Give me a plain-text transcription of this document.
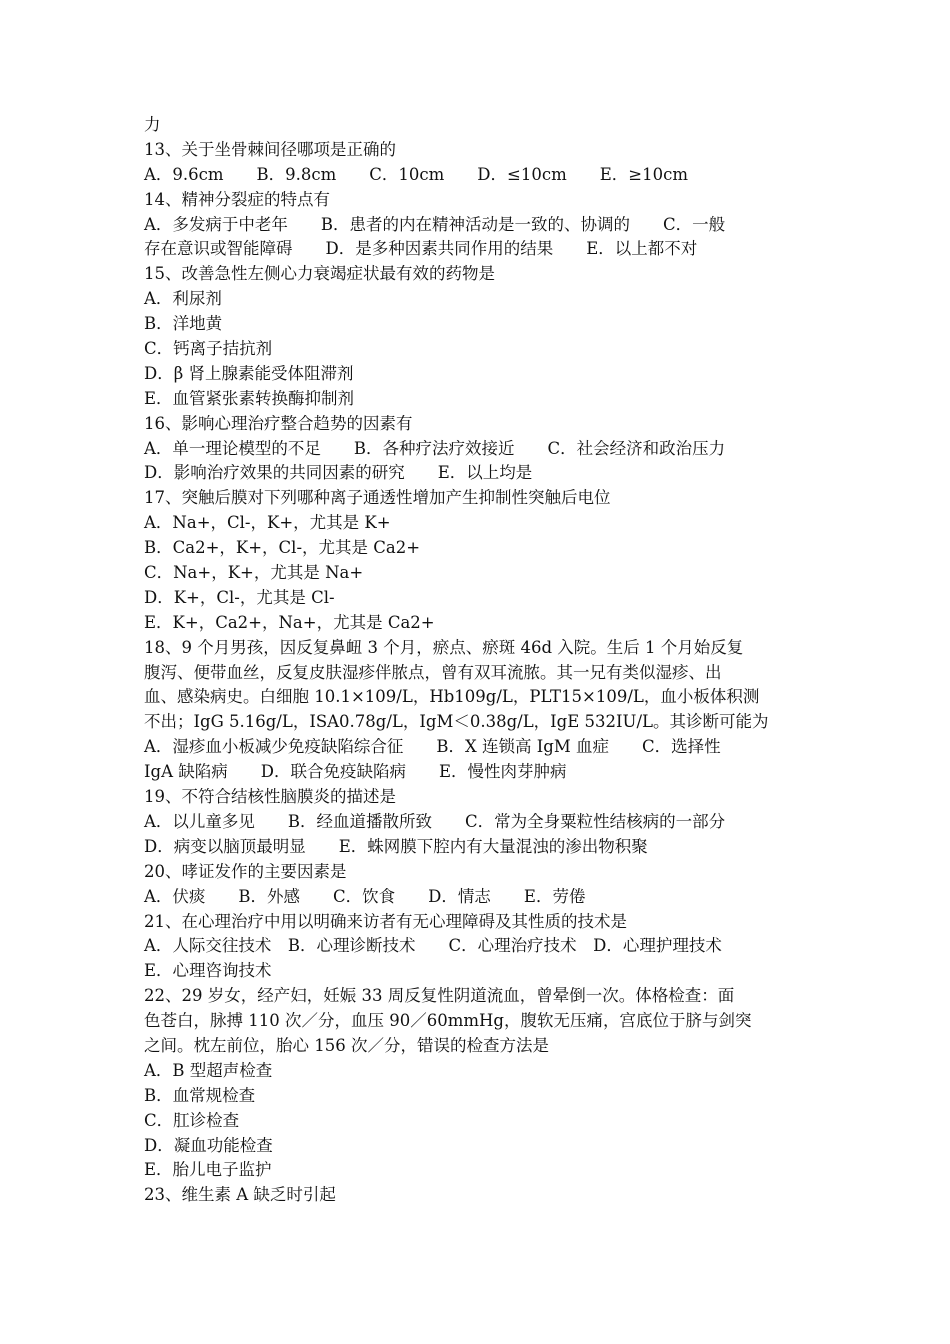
力
13、关于坐骨棘间径哪项是正确的
A．9.6cm　　B．9.8cm　　C．10cm　　D．≤10cm　　E．≥10cm
14、精神分裂症的特点有
A．多发病于中老年　　B．患者的内在精神活动是一致的、协调的　　C．一般
存在意识或智能障碍　　D．是多种因素共同作用的结果　　E．以上都不对
15、改善急性左侧心力衰竭症状最有效的药物是
A．利尿剂
B．洋地黄
C．钙离子拮抗剂
D．β 肾上腺素能受体阻滞剂
E．血管紧张素转换酶抑制剂
16、影响心理治疗整合趋势的因素有
A．单一理论模型的不足　　B．各种疗法疗效接近　　C．社会经济和政治压力
D．影响治疗效果的共同因素的研究　　E．以上均是
17、突触后膜对下列哪种离子通透性增加产生抑制性突触后电位
A．Na+，Cl-，K+，尤其是 K+
B．Ca2+，K+，Cl-，尤其是 Ca2+
C．Na+，K+，尤其是 Na+
D．K+，Cl-，尤其是 Cl-
E．K+，Ca2+，Na+，尤其是 Ca2+
18、9 个月男孩，因反复鼻衄 3 个月，瘀点、瘀斑 46d 入院。生后 1 个月始反复
腹泻、便带血丝，反复皮肤湿疹伴脓点，曾有双耳流脓。其一兄有类似湿疹、出
血、感染病史。白细胞 10.1×109/L，Hb109g/L，PLT15×109/L，血小板体积测
不出；IgG 5.16g/L，ISA0.78g/L，IgM＜0.38g/L，IgE 532IU/L。其诊断可能为
A．湿疹血小板减少免疫缺陷综合征　　B．X 连锁高 IgM 血症　　C．选择性
IgA 缺陷病　　D．联合免疫缺陷病　　E．慢性肉芽肿病
19、不符合结核性脑膜炎的描述是
A．以儿童多见　　B．经血道播散所致　　C．常为全身粟粒性结核病的一部分
D．病变以脑顶最明显　　E．蛛网膜下腔内有大量混浊的渗出物积聚
20、哮证发作的主要因素是
A．伏痰　　B．外感　　C．饮食　　D．情志　　E．劳倦
21、在心理治疗中用以明确来访者有无心理障碍及其性质的技术是
A．人际交往技术　B．心理诊断技术　　C．心理治疗技术　D．心理护理技术
E．心理咨询技术
22、29 岁女，经产妇，妊娠 33 周反复性阴道流血，曾晕倒一次。体格检查：面
色苍白，脉搏 110 次／分，血压 90／60mmHg，腹软无压痛，宫底位于脐与剑突
之间。枕左前位，胎心 156 次／分，错误的检查方法是
A．B 型超声检查
B．血常规检查
C．肛诊检查
D．凝血功能检查
E．胎儿电子监护
23、维生素 A 缺乏时引起
